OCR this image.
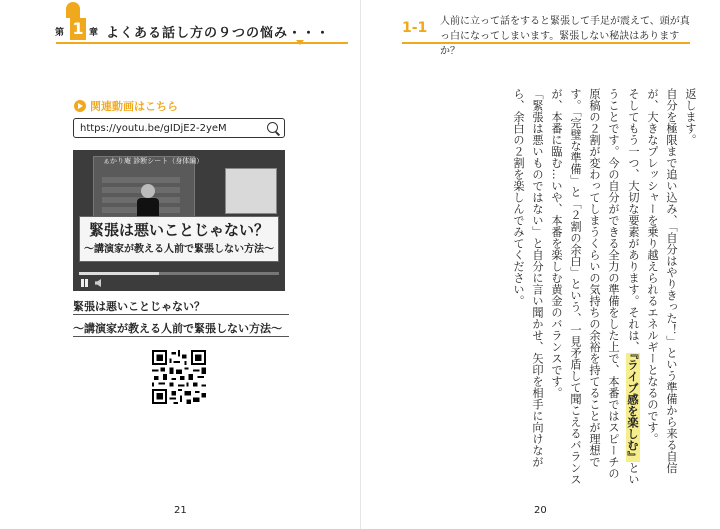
第 1 章 よくある話し方の９つの悩み・・・	1-1 人前に立って話をすると緊張して手足が震えて、頭が真っ白になってしまいます。緊張しない秘訣はありますか？
関連動画はこちら
https://youtu.be/gIDjE2-2yeM
ぁかり庵 診断シート（身体編）
緊張は悪いことじゃない？
〜講演家が教える人前で緊張しない方法〜
緊張は悪いことじゃない？
〜講演家が教える人前で緊張しない方法〜
21

返します。

自分を極限まで追い込み、「自分はやりきった！」という準備から来る自信が、大きなプレッシャーを乗り越えられるエネルギーとなるのです。

そしてもう一つ、大切な要素があります。それは、『ライブ感を楽しむ』ということです。今の自分ができる全力の準備をした上で、本番ではスピーチの原稿の２割が変わってしまうくらいの気持ちの余裕を持てることが理想です。「完璧な準備」と「２割の余白」という、一見矛盾して聞こえるバランスが、本番に臨む…いや、本番を楽しむ黄金のバランスです。

「緊張は悪いものではない」と自分に言い聞かせ、矢印を相手に向けながら、余白の２割を楽しんでみてください。

20
